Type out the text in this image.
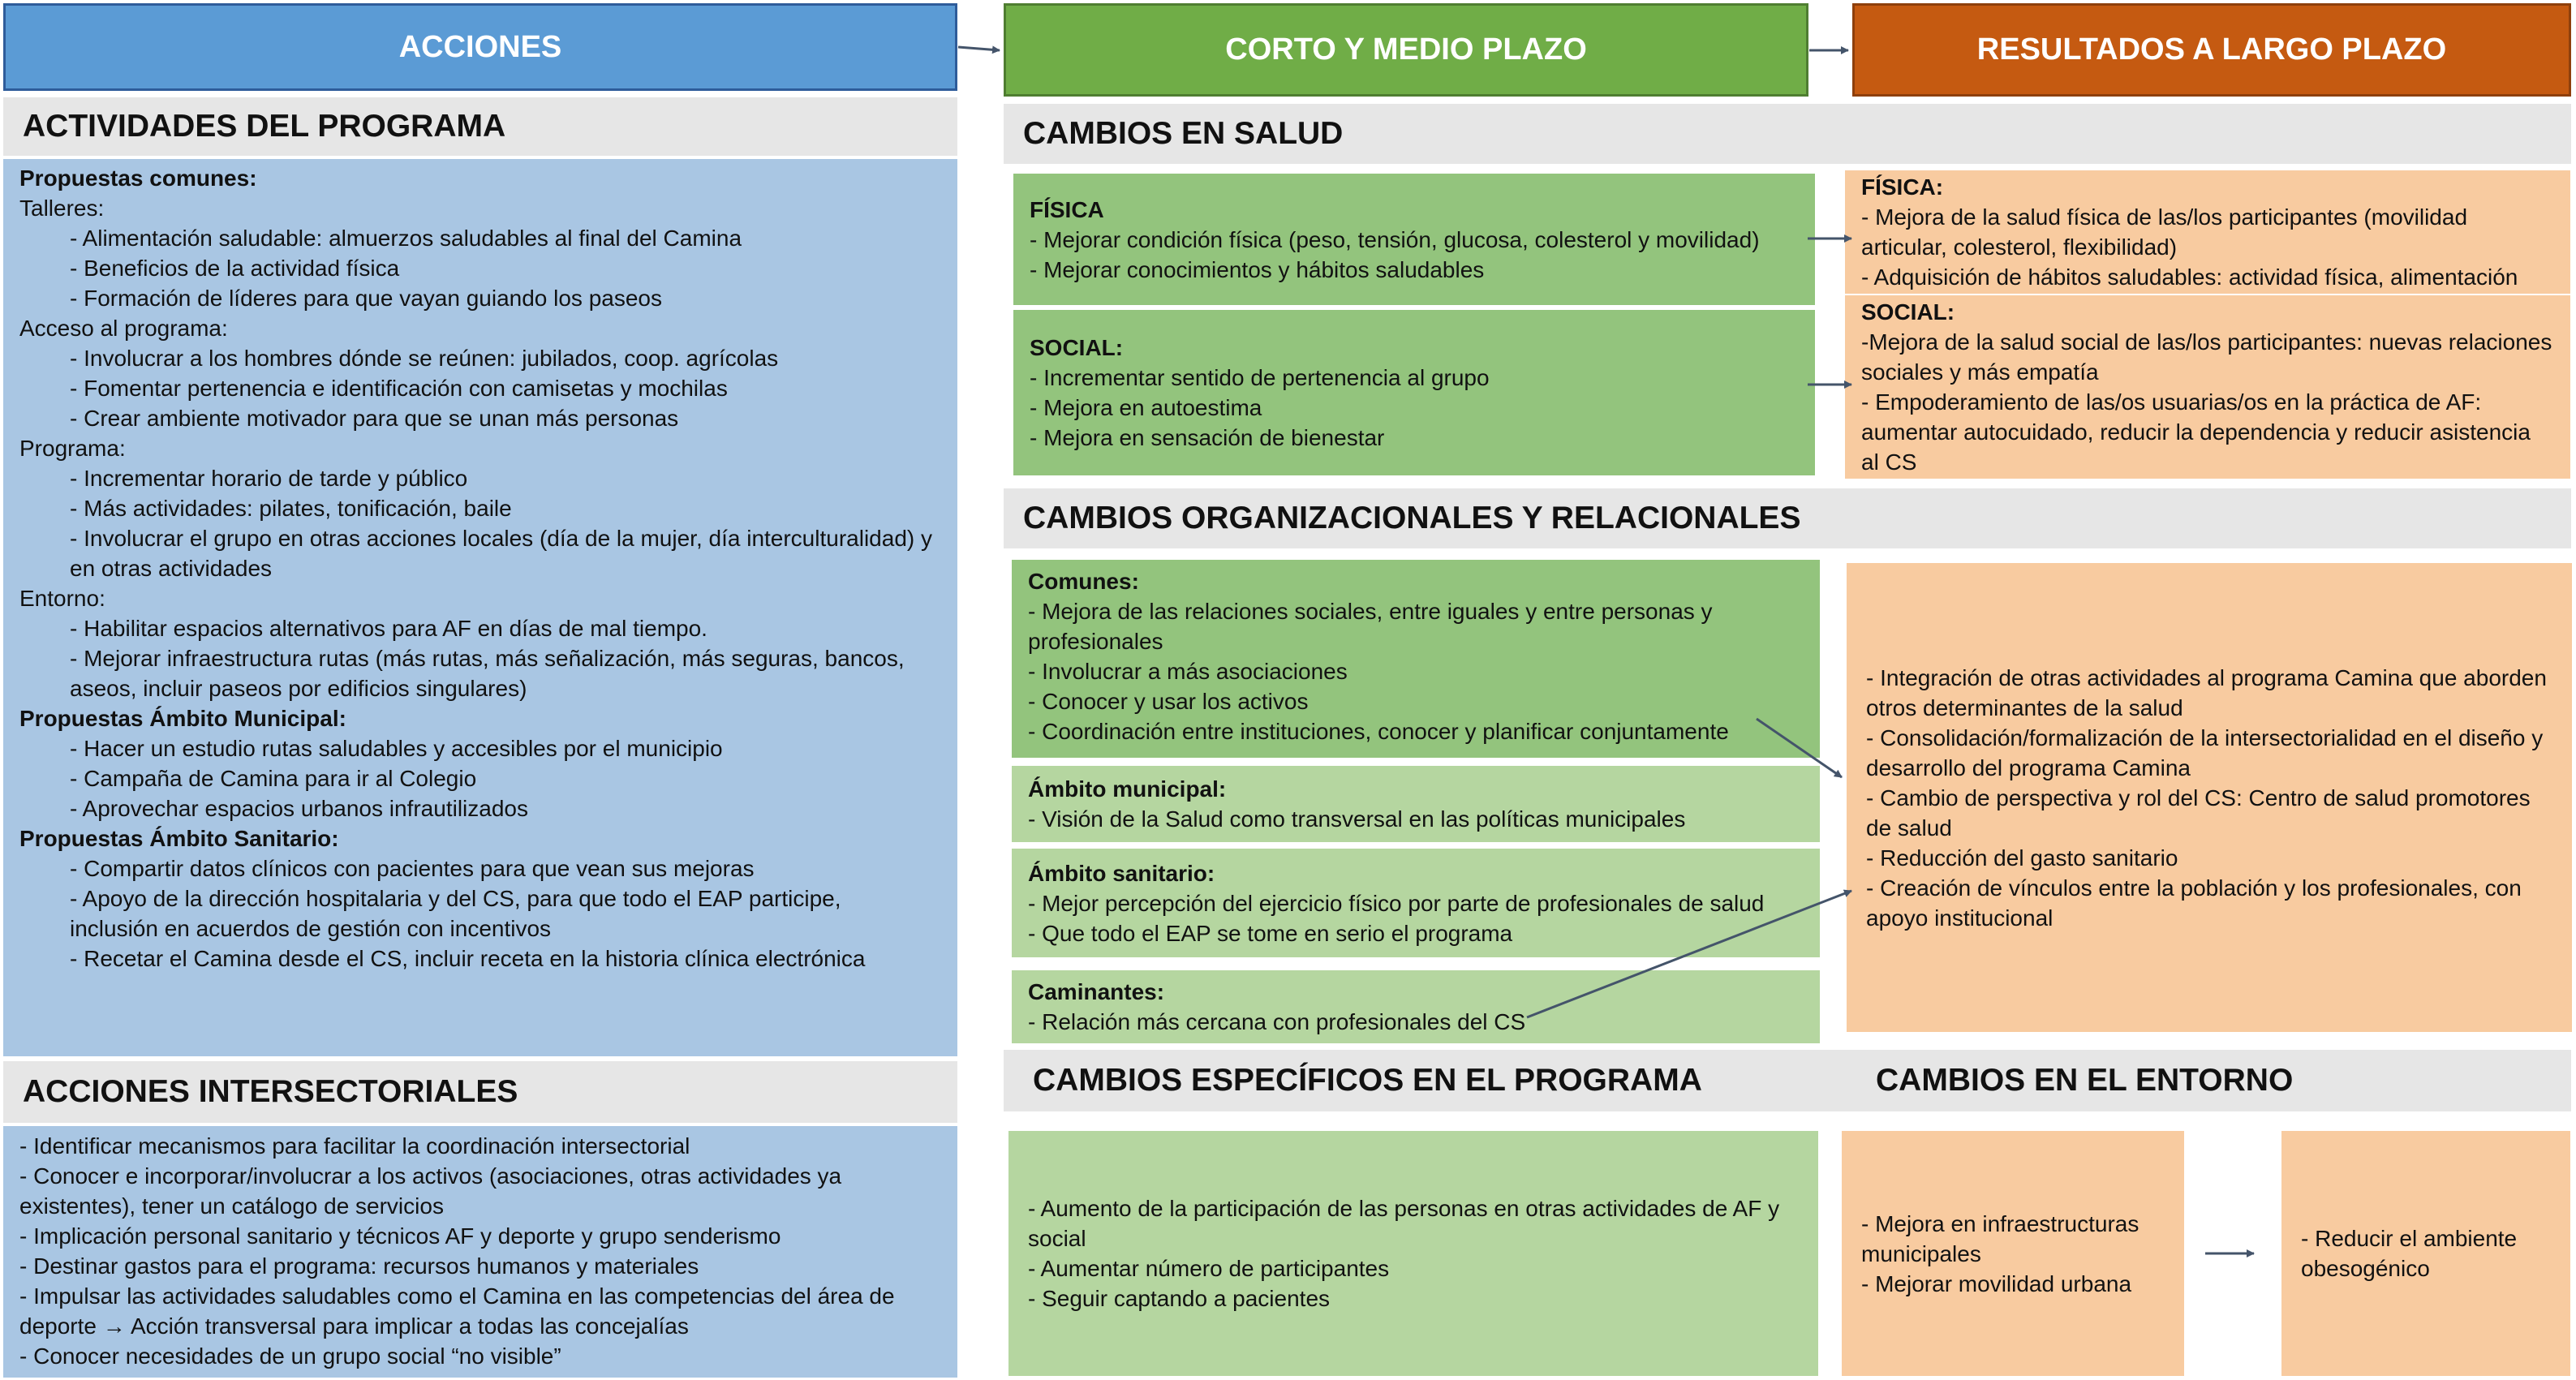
ACCIONES	CORTO Y MEDIO PLAZO	RESULTADOS A LARGO PLAZO
ACTIVIDADES DEL PROGRAMA
Propuestas comunes:
Talleres:
- Alimentación saludable: almuerzos saludables al final del Camina
- Beneficios de la actividad física
- Formación de líderes para que vayan guiando los paseos
Acceso al programa:
- Involucrar a los hombres dónde se reúnen: jubilados, coop. agrícolas
- Fomentar pertenencia e identificación con camisetas y mochilas
- Crear ambiente motivador para que se unan más personas
Programa:
- Incrementar horario de tarde y público
- Más actividades: pilates, tonificación, baile
- Involucrar el grupo en otras acciones locales (día de la mujer, día interculturalidad) y en otras actividades
Entorno:
- Habilitar espacios alternativos para AF en días de mal tiempo.
- Mejorar infraestructura rutas (más rutas, más señalización, más seguras, bancos, aseos, incluir paseos por edificios singulares)
Propuestas Ámbito Municipal:
- Hacer un estudio rutas saludables y accesibles por el municipio
- Campaña de Camina para ir al Colegio
- Aprovechar espacios urbanos infrautilizados
Propuestas Ámbito Sanitario:
- Compartir datos clínicos con pacientes para que vean sus mejoras
- Apoyo de la dirección hospitalaria y del CS, para que todo el EAP participe, inclusión en acuerdos de gestión con incentivos
- Recetar el Camina desde el CS, incluir receta en la historia clínica electrónica
ACCIONES INTERSECTORIALES
- Identificar mecanismos para facilitar la coordinación intersectorial
- Conocer e incorporar/involucrar a los activos (asociaciones, otras actividades ya existentes), tener un catálogo de servicios
- Implicación personal sanitario y técnicos AF y deporte y grupo senderismo
- Destinar gastos para el programa: recursos humanos y materiales
- Impulsar las actividades saludables como el Camina en las competencias del área de deporte → Acción transversal para implicar a todas las concejalías
- Conocer necesidades de un grupo social “no visible”
CAMBIOS EN SALUD
FÍSICA
- Mejorar condición física (peso, tensión, glucosa, colesterol y movilidad)
- Mejorar conocimientos y hábitos saludables
SOCIAL:
- Incrementar sentido de pertenencia al grupo
- Mejora en autoestima
- Mejora en sensación de bienestar
FÍSICA:
- Mejora de la salud física de las/los participantes (movilidad articular, colesterol, flexibilidad)
- Adquisición de hábitos saludables: actividad física, alimentación
SOCIAL:
-Mejora de la salud social de las/los participantes: nuevas relaciones sociales y más empatía
- Empoderamiento de las/os usuarias/os en la práctica de AF: aumentar autocuidado, reducir la dependencia y reducir asistencia al CS
CAMBIOS ORGANIZACIONALES Y RELACIONALES
Comunes:
- Mejora de las relaciones sociales, entre iguales y entre personas y profesionales
- Involucrar a más asociaciones
- Conocer y usar los activos
- Coordinación entre instituciones, conocer y planificar conjuntamente
Ámbito municipal:
- Visión de la Salud como transversal en las políticas municipales
Ámbito sanitario:
- Mejor percepción del ejercicio físico por parte de profesionales de salud
- Que todo el EAP se tome en serio el programa
Caminantes:
- Relación más cercana con profesionales del CS
- Integración de otras actividades al programa Camina que aborden otros determinantes de la salud
- Consolidación/formalización de la intersectorialidad en el diseño y desarrollo del programa Camina
- Cambio de perspectiva y rol del CS: Centro de salud promotores de salud
- Reducción del gasto sanitario
- Creación de vínculos entre la población y los profesionales, con apoyo institucional
CAMBIOS ESPECÍFICOS EN EL PROGRAMA	CAMBIOS EN EL ENTORNO
- Aumento de la participación de las personas en otras actividades de AF y social
- Aumentar número de participantes
- Seguir captando a pacientes
- Mejora en infraestructuras municipales
- Mejorar movilidad urbana
- Reducir el ambiente obesogénico
